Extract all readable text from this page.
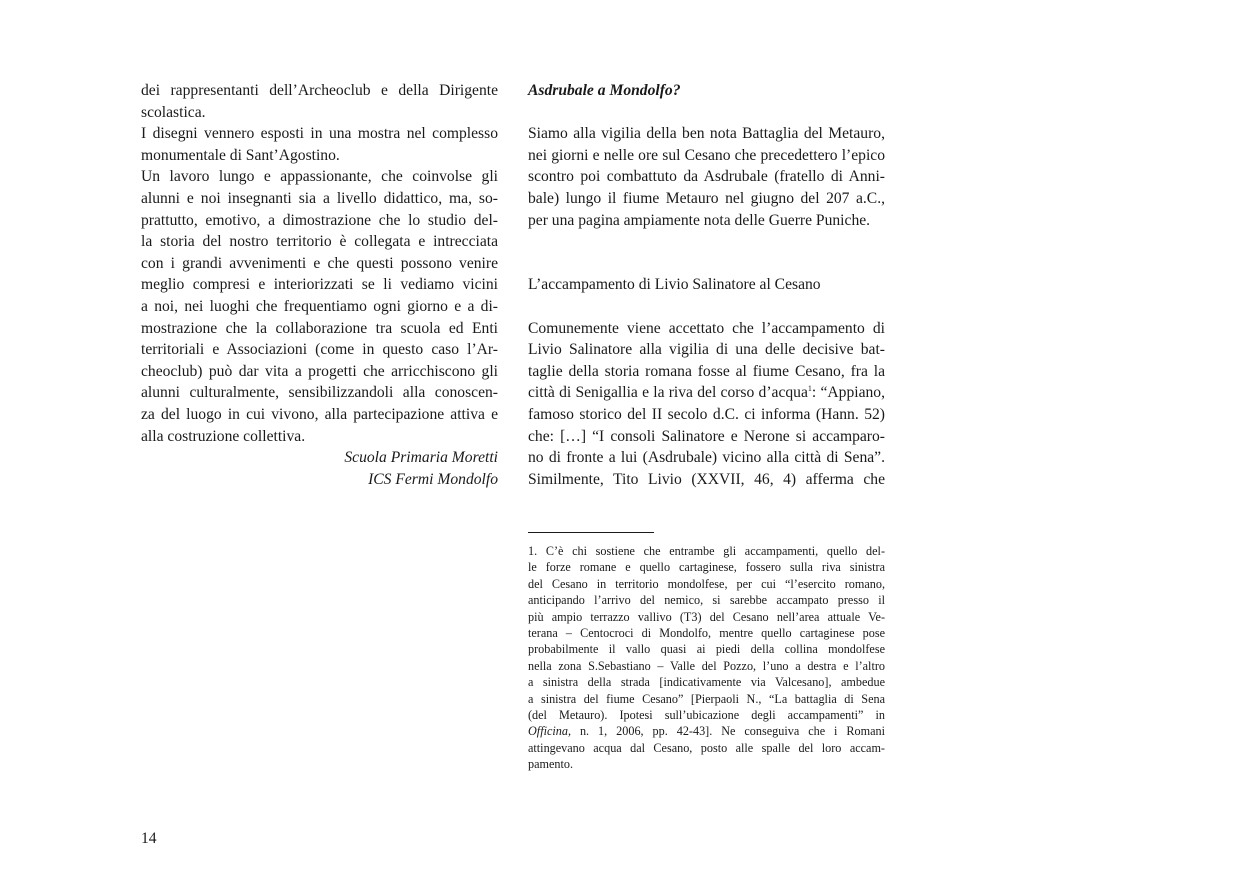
dei rappresentanti dell’Archeoclub e della Dirigente
scolastica.
I disegni vennero esposti in una mostra nel complesso
monumentale di Sant’Agostino.
Un lavoro lungo e appassionante, che coinvolse gli
alunni e noi insegnanti sia a livello didattico, ma, so-
prattutto, emotivo, a dimostrazione che lo studio del-
la storia del nostro territorio è collegata e intrecciata
con i grandi avvenimenti e che questi possono venire
meglio compresi e interiorizzati se li vediamo vicini
a noi, nei luoghi che frequentiamo ogni giorno e a di-
mostrazione che la collaborazione tra scuola ed Enti
territoriali e Associazioni (come in questo caso l’Ar-
cheoclub) può dar vita a progetti che arricchiscono gli
alunni culturalmente, sensibilizzandoli alla conoscen-
za del luogo in cui vivono, alla partecipazione attiva e
alla costruzione collettiva.
Scuola Primaria Moretti
ICS Fermi Mondolfo
Asdrubale a Mondolfo?
Siamo alla vigilia della ben nota Battaglia del Metauro,
nei giorni e nelle ore sul Cesano che precedettero l’epico
scontro poi combattuto da Asdrubale (fratello di Anni-
bale) lungo il fiume Metauro nel giugno del 207 a.C.,
per una pagina ampiamente nota delle Guerre Puniche.
L’accampamento di Livio Salinatore al Cesano
Comunemente viene accettato che l’accampamento di
Livio Salinatore alla vigilia di una delle decisive bat-
taglie della storia romana fosse al fiume Cesano, fra la
città di Senigallia e la riva del corso d’acqua$^1$: “Appiano,
famoso storico del II secolo d.C. ci informa (Hann. 52)
che: […] “I consoli Salinatore e Nerone si accamparo-
no di fronte a lui (Asdrubale) vicino alla città di Sena”.
Similmente, Tito Livio (XXVII, 46, 4) afferma che
1. C’è chi sostiene che entrambe gli accampamenti, quello del-
le forze romane e quello cartaginese, fossero sulla riva sinistra
del Cesano in territorio mondolfese, per cui “l’esercito romano,
anticipando l’arrivo del nemico, si sarebbe accampato presso il
più ampio terrazzo vallivo (T3) del Cesano nell’area attuale Ve-
terana – Centocroci di Mondolfo, mentre quello cartaginese pose
probabilmente il vallo quasi ai piedi della collina mondolfese
nella zona S.Sebastiano – Valle del Pozzo, l’uno a destra e l’altro
a sinistra della strada [indicativamente via Valcesano], ambedue
a sinistra del fiume Cesano” [Pierpaoli N., “La battaglia di Sena
(del Metauro). Ipotesi sull’ubicazione degli accampamenti” in
Officina, n. 1, 2006, pp. 42-43]. Ne conseguiva che i Romani
attingevano acqua dal Cesano, posto alle spalle del loro accam-
pamento.
14
